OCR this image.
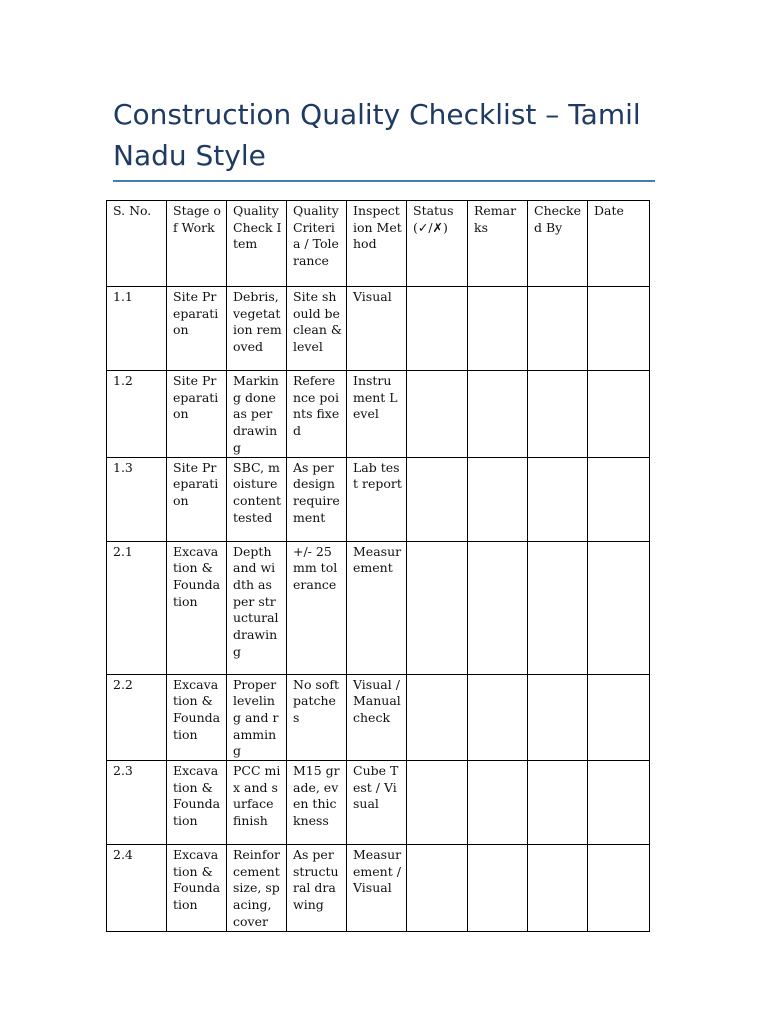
Construction Quality Checklist – Tamil Nadu Style
S. No.	Stage of Work	Quality Check Item	Quality Criteria / Tolerance	Inspection Method	Status (✓/✗)	Remarks	Checked By	Date
1.1	Site Preparation	Debris, vegetation removed	Site should be clean & level	Visual				
1.2	Site Preparation	Marking done as per drawing	Reference points fixed	Instrument Level				
1.3	Site Preparation	SBC, moisture content tested	As per design requirement	Lab test report				
2.1	Excavation & Foundation	Depth and width as per structural drawing	+/- 25 mm tolerance	Measurement				
2.2	Excavation & Foundation	Proper leveling and ramming	No soft patches	Visual / Manual check				
2.3	Excavation & Foundation	PCC mix and surface finish	M15 grade, even thickness	Cube Test / Visual				
2.4	Excavation & Foundation	Reinforcement size, spacing, cover	As per structural drawing	Measurement / Visual				
